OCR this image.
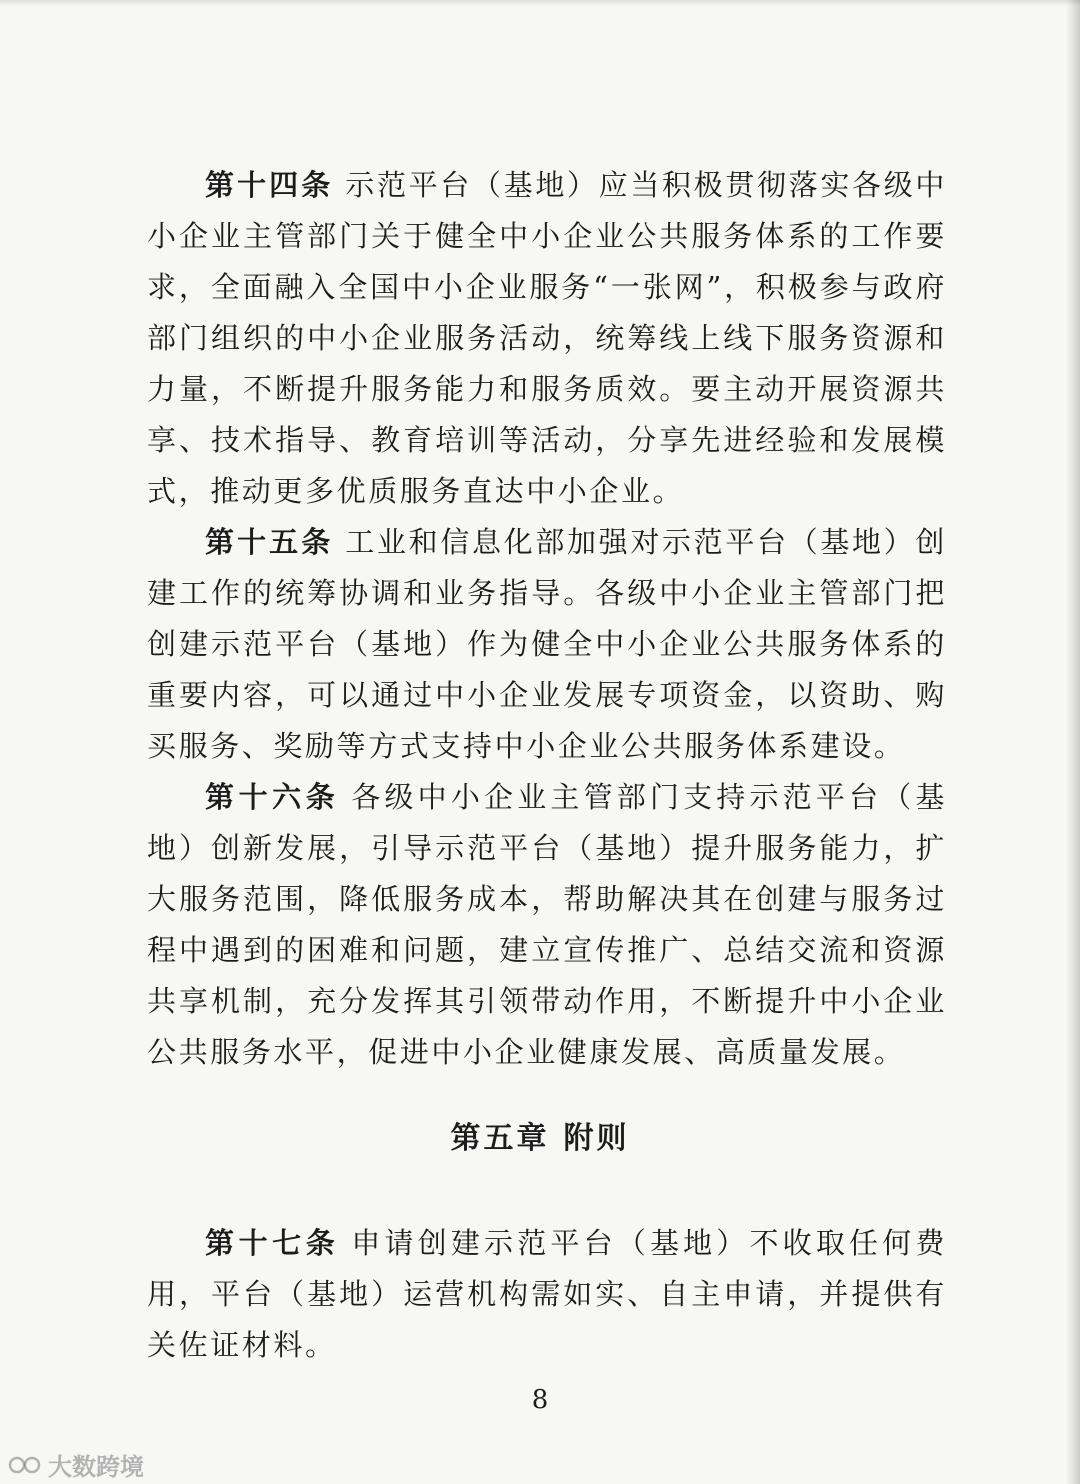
第十四条 示范平台（基地）应当积极贯彻落实各级中小企业主管部门关于健全中小企业公共服务体系的工作要求，全面融入全国中小企业服务“一张网”，积极参与政府部门组织的中小企业服务活动，统筹线上线下服务资源和力量，不断提升服务能力和服务质效。要主动开展资源共享、技术指导、教育培训等活动，分享先进经验和发展模式，推动更多优质服务直达中小企业。

第十五条 工业和信息化部加强对示范平台（基地）创建工作的统筹协调和业务指导。各级中小企业主管部门把创建示范平台（基地）作为健全中小企业公共服务体系的重要内容，可以通过中小企业发展专项资金，以资助、购买服务、奖励等方式支持中小企业公共服务体系建设。

第十六条 各级中小企业主管部门支持示范平台（基地）创新发展，引导示范平台（基地）提升服务能力，扩大服务范围，降低服务成本，帮助解决其在创建与服务过程中遇到的困难和问题，建立宣传推广、总结交流和资源共享机制，充分发挥其引领带动作用，不断提升中小企业公共服务水平，促进中小企业健康发展、高质量发展。

第五章 附则

第十七条 申请创建示范平台（基地）不收取任何费用，平台（基地）运营机构需如实、自主申请，并提供有关佐证材料。

8
大数跨境
